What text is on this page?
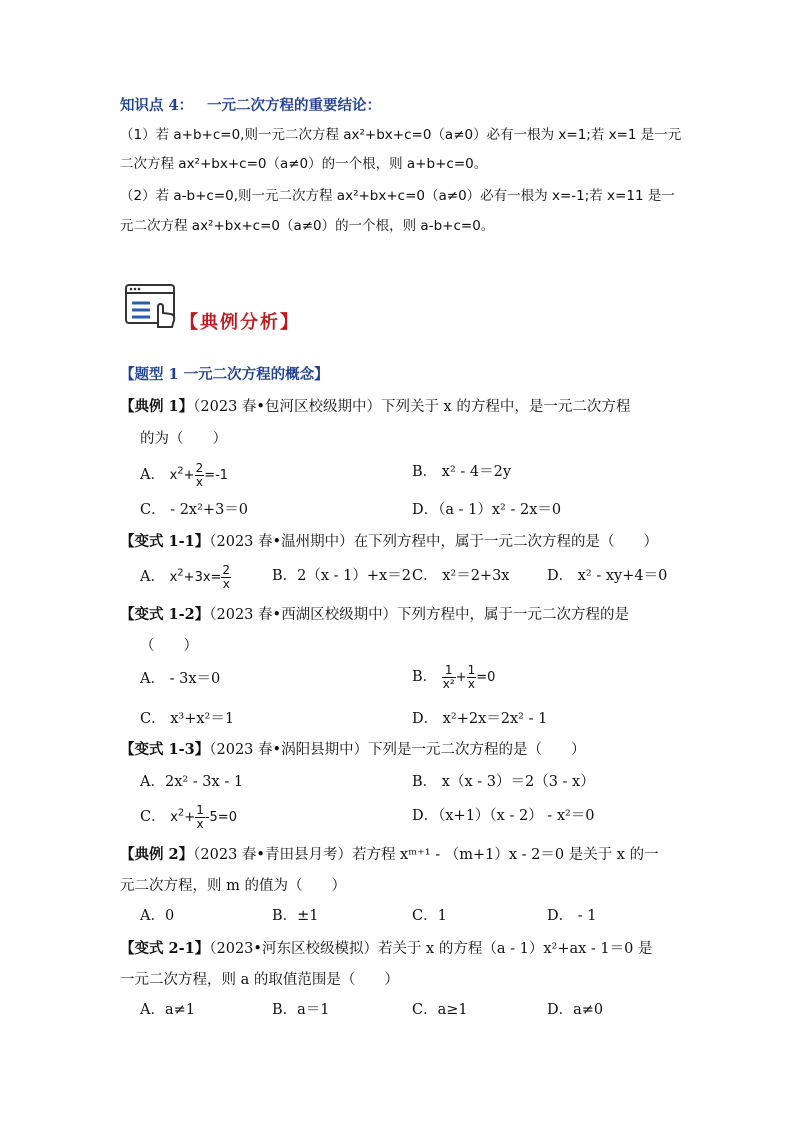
知识点 4： 一元二次方程的重要结论：
（1）若 a+b+c=0,则一元二次方程 ax²+bx+c=0（a≠0）必有一根为 x=1;若 x=1 是一元
二次方程 ax²+bx+c=0（a≠0）的一个根，则 a+b+c=0。
（2）若 a-b+c=0,则一元二次方程 ax²+bx+c=0（a≠0）必有一根为 x=-1;若 x=11 是一
元二次方程 ax²+bx+c=0（a≠0）的一个根，则 a-b+c=0。
【典例分析】
【题型 1 一元二次方程的概念】
【典例 1】（2023 春•包河区校级期中）下列关于 x 的方程中，是一元二次方程
的为（　　）
A． $x^2+ \frac{2}{x} =-1$	B． x² - 4＝2y
C． - 2x²+3＝0	D．（a - 1）x² - 2x＝0
【变式 1-1】（2023 春•温州期中）在下列方程中，属于一元二次方程的是（　　）
A． $x^2+3x= \frac{2}{x}$	B．2（x - 1）+x＝2 C． x²＝2+3x	D． x² - xy+4＝0
【变式 1-2】（2023 春•西湖区校级期中）下列方程中，属于一元二次方程的是
（　　）
A． - 3x＝0	B． $\frac{1}{\text{x²}} + \frac{1}{x} =0$
C． x³+x²＝1	D． x²+2x＝2x² - 1
【变式 1-3】（2023 春•涡阳县期中）下列是一元二次方程的是（　　）
A．2x² - 3x - 1	B． x（x - 3）＝2（3 - x）
C． $x^2+ \frac{1}{x} -5=0$	D．（x+1）（x - 2） - x²＝0
【典例 2】（2023 春•青田县月考）若方程 xᵐ⁺¹ - （m+1）x - 2＝0 是关于 x 的一
元二次方程，则 m 的值为（　　）
A．0	B．±1	C．1	D． - 1
【变式 2-1】（2023•河东区校级模拟）若关于 x 的方程（a - 1）x²+ax - 1＝0 是
一元二次方程，则 a 的取值范围是（　　）
A．a≠1	B．a＝1	C．a≥1	D．a≠0
